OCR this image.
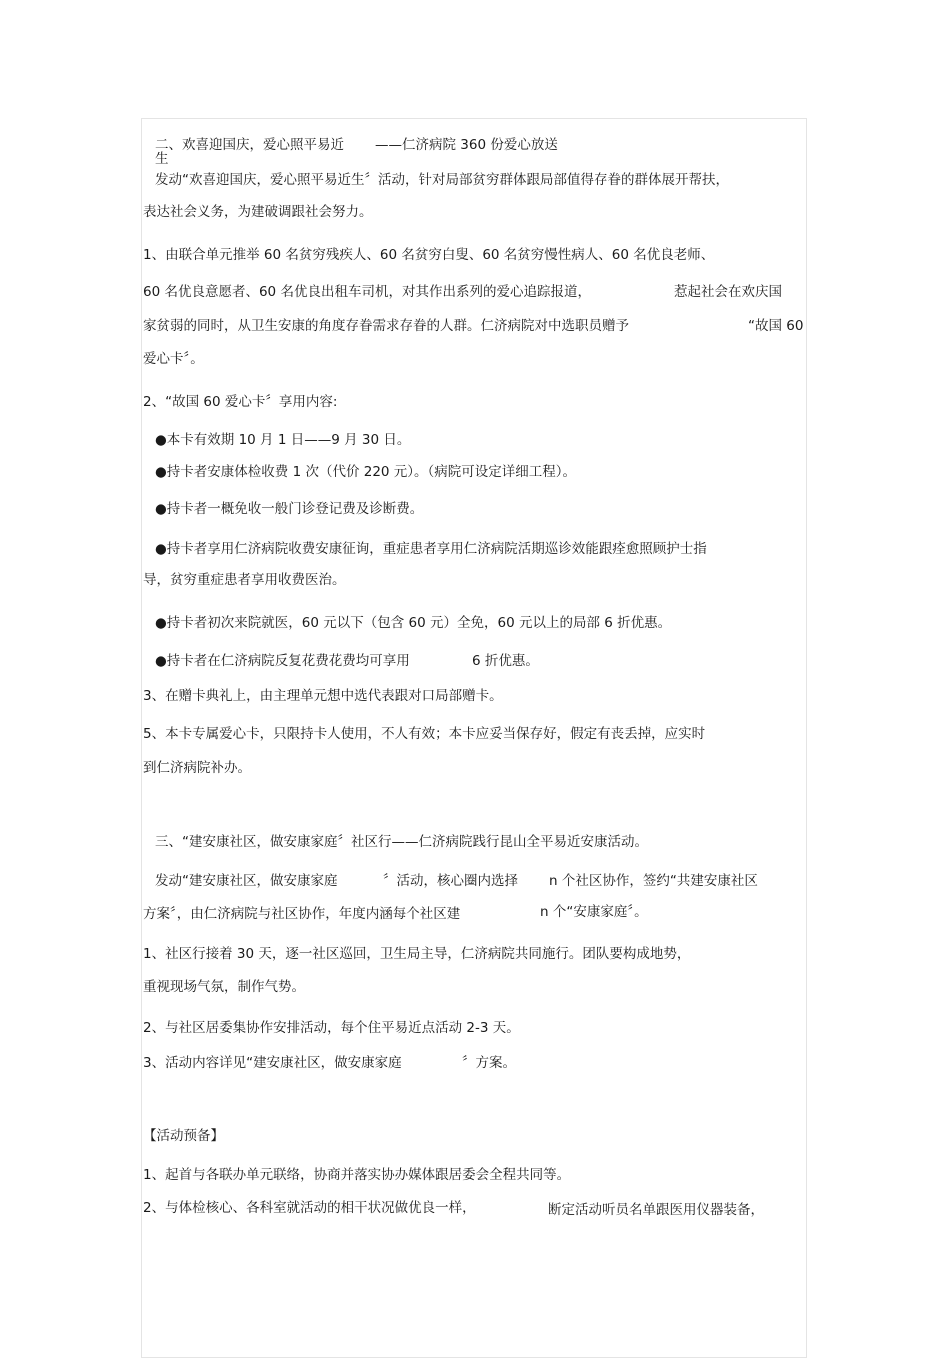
二、欢喜迎国庆，爱心照平易近 ——仁济病院 360 份爱心放送
生
发动“欢喜迎国庆，爱心照平易近生〞活动，针对局部贫穷群体跟局部值得存眷的群体展开帮扶，
表达社会义务，为建破调跟社会努力。
1、由联合单元推举 60 名贫穷残疾人、60 名贫穷白叟、60 名贫穷慢性病人、60 名优良老师、
60 名优良意愿者、60 名优良出租车司机，对其作出系列的爱心追踪报道，	惹起社会在欢庆国
家贫弱的同时，从卫生安康的角度存眷需求存眷的人群。仁济病院对中选职员赠予	“故国 60
爱心卡〞。
2、“故国 60 爱心卡〞享用内容:
●本卡有效期 10 月 1 日——9 月 30 日。
●持卡者安康体检收费 1 次（代价 220 元）。（病院可设定详细工程）。
●持卡者一概免收一般门诊登记费及诊断费。
●持卡者享用仁济病院收费安康征询，重症患者享用仁济病院活期巡诊效能跟痊愈照顾护士指
导，贫穷重症患者享用收费医治。
●持卡者初次来院就医，60 元以下（包含 60 元）全免，60 元以上的局部 6 折优惠。
●持卡者在仁济病院反复花费花费均可享用	6 折优惠。
3、在赠卡典礼上，由主理单元想中选代表跟对口局部赠卡。
5、本卡专属爱心卡，只限持卡人使用，不人有效；本卡应妥当保存好，假定有丧丢掉，应实时
到仁济病院补办。
三、“建安康社区，做安康家庭〞社区行——仁济病院践行昆山全平易近安康活动。
发动“建安康社区，做安康家庭	〞活动，核心圈内选择 n 个社区协作，签约“共建安康社区
方案〞，由仁济病院与社区协作，年度内涵每个社区建	n 个“安康家庭〞。
1、社区行接着 30 天，逐一社区巡回，卫生局主导，仁济病院共同施行。团队要构成地势，
重视现场气氛，制作气势。
2、与社区居委集协作安排活动，每个住平易近点活动 2-3 天。
3、活动内容详见“建安康社区，做安康家庭	〞方案。
【活动预备】
1、起首与各联办单元联络，协商并落实协办媒体跟居委会全程共同等。
2、与体检核心、各科室就活动的相干状况做优良一样，	断定活动听员名单跟医用仪器装备，
